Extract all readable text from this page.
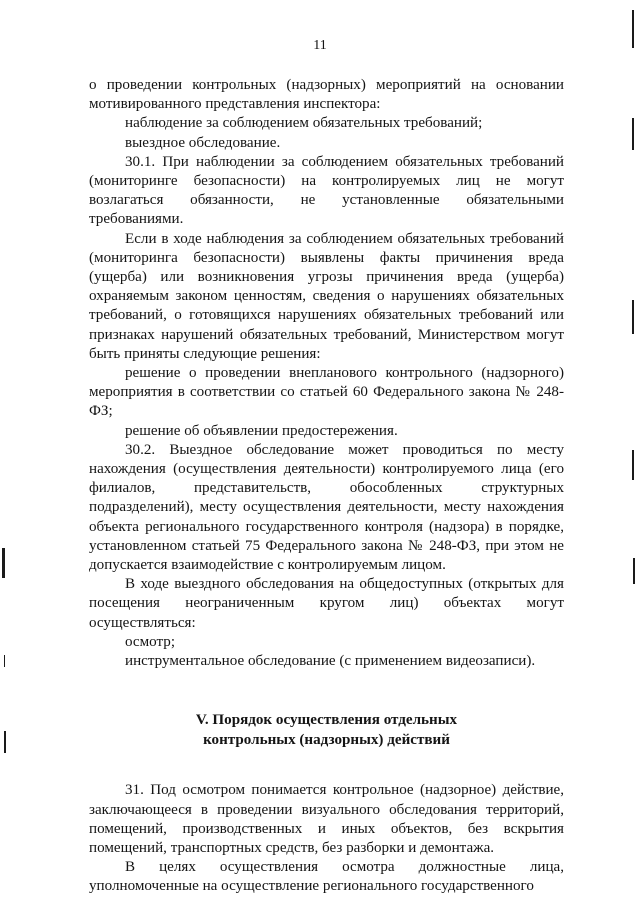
11

о проведении контрольных (надзорных) мероприятий на основании мотивированного представления инспектора:

наблюдение за соблюдением обязательных требований;

выездное обследование.

30.1. При наблюдении за соблюдением обязательных требований (мониторинге безопасности) на контролируемых лиц не могут возлагаться обязанности, не установленные обязательными требованиями.

Если в ходе наблюдения за соблюдением обязательных требований (мониторинга безопасности) выявлены факты причинения вреда (ущерба) или возникновения угрозы причинения вреда (ущерба) охраняемым законом ценностям, сведения о нарушениях обязательных требований, о готовящихся нарушениях обязательных требований или признаках нарушений обязательных требований, Министерством могут быть приняты следующие решения:

решение о проведении внепланового контрольного (надзорного) мероприятия в соответствии со статьей 60 Федерального закона № 248-ФЗ;

решение об объявлении предостережения.

30.2. Выездное обследование может проводиться по месту нахождения (осуществления деятельности) контролируемого лица (его филиалов, представительств, обособленных структурных подразделений), месту осуществления деятельности, месту нахождения объекта регионального государственного контроля (надзора) в порядке, установленном статьей 75 Федерального закона № 248-ФЗ, при этом не допускается взаимодействие с контролируемым лицом.

В ходе выездного обследования на общедоступных (открытых для посещения неограниченным кругом лиц) объектах могут осуществляться:

осмотр;

инструментальное обследование (с применением видеозаписи).

V. Порядок осуществления отдельных
контрольных (надзорных) действий

31. Под осмотром понимается контрольное (надзорное) действие, заключающееся в проведении визуального обследования территорий, помещений, производственных и иных объектов, без вскрытия помещений, транспортных средств, без разборки и демонтажа.

В целях осуществления осмотра должностные лица, уполномоченные на осуществление регионального государственного
